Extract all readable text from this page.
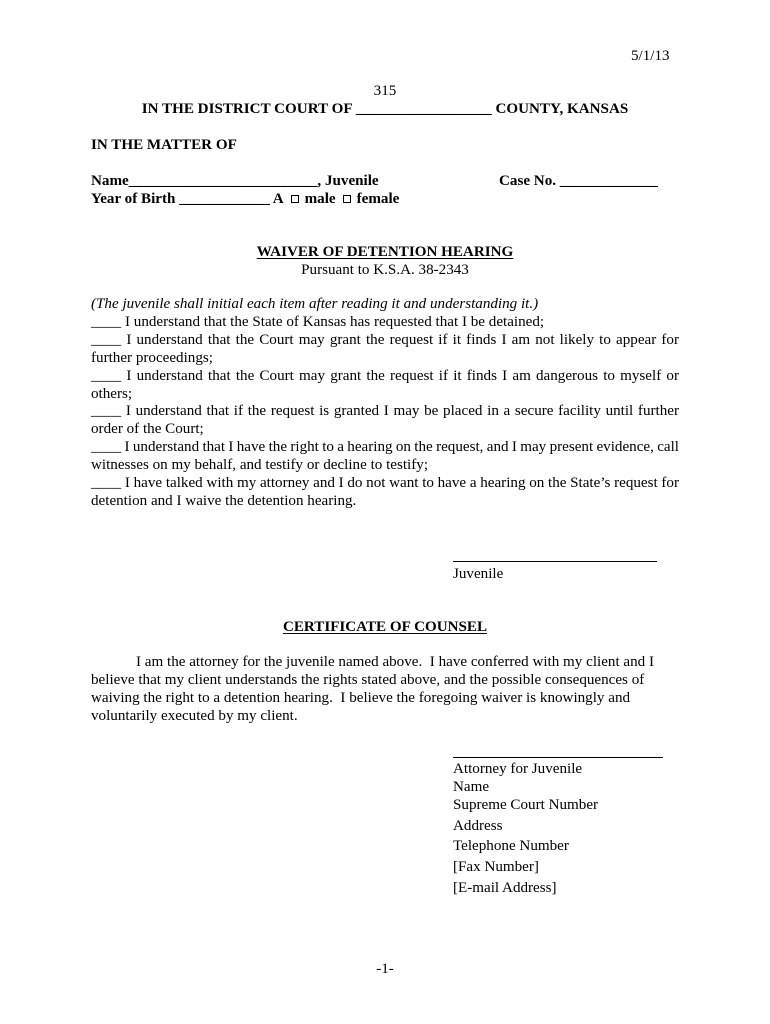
5/1/13
315
IN THE DISTRICT COURT OF __________________ COUNTY, KANSAS
IN THE MATTER OF
Name_________________________, Juvenile	Case No. _____________
Year of Birth ____________ A male female
WAIVER OF DETENTION HEARING
Pursuant to K.S.A. 38-2343
(The juvenile shall initial each item after reading it and understanding it.)
____ I understand that the State of Kansas has requested that I be detained;
____ I understand that the Court may grant the request if it finds I am not likely to appear for
further proceedings;
____ I understand that the Court may grant the request if it finds I am dangerous to myself or
others;
____ I understand that if the request is granted I may be placed in a secure facility until further
order of the Court;
____ I understand that I have the right to a hearing on the request, and I may present evidence, call
witnesses on my behalf, and testify or decline to testify;
____ I have talked with my attorney and I do not want to have a hearing on the State’s request for
detention and I waive the detention hearing.
Juvenile
CERTIFICATE OF COUNSEL
I am the attorney for the juvenile named above.  I have conferred with my client and I
believe that my client understands the rights stated above, and the possible consequences of
waiving the right to a detention hearing.  I believe the foregoing waiver is knowingly and
voluntarily executed by my client.
Attorney for Juvenile
Name
Supreme Court Number
Address
Telephone Number
[Fax Number]
[E-mail Address]
-1-
